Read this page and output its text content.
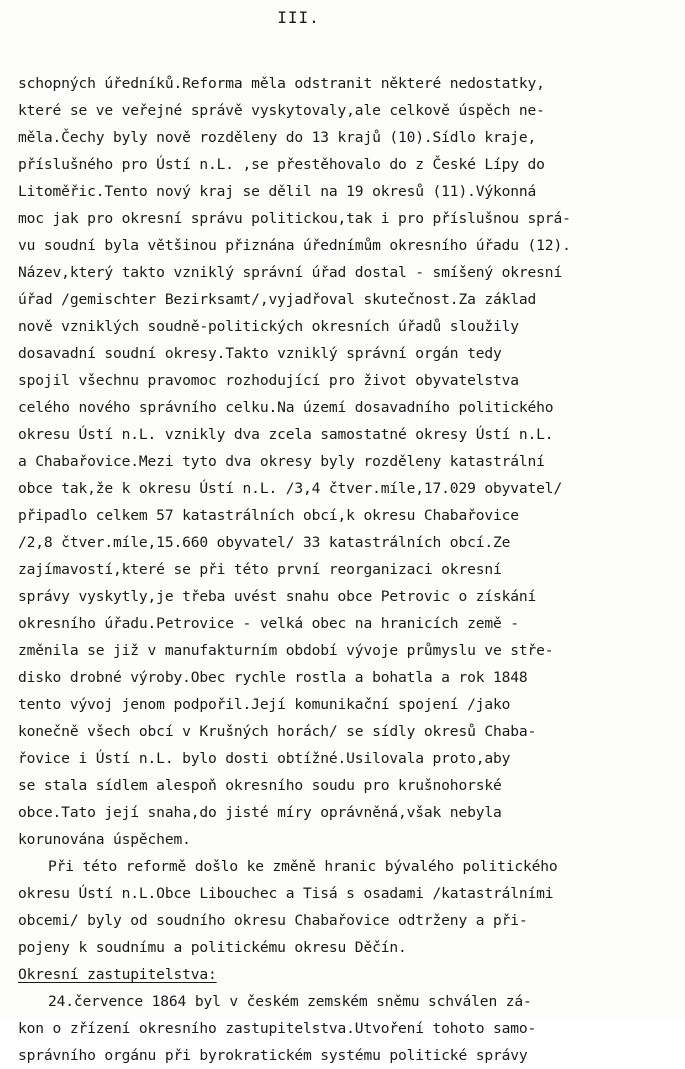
III.
schopných úředníků.Reforma měla odstranit některé nedostatky,
které se ve veřejné správě vyskytovaly,ale celkově úspěch ne-
měla.Čechy byly nově rozděleny do 13 krajů (10).Sídlo kraje,
příslušného pro Ústí n.L. ,se přestěhovalo do z České Lípy do
Litoměřic.Tento nový kraj se dělil na 19 okresů (11).Výkonná
moc jak pro okresní správu politickou,tak i pro příslušnou sprá-
vu soudní byla většinou přiznána úřednímům okresního úřadu (12).
Název,který takto vzniklý správní úřad dostal - smíšený okresní
úřad /gemischter Bezirksamt/,vyjadřoval skutečnost.Za základ
nově vzniklých soudně-politických okresních úřadů sloužily
dosavadní soudní okresy.Takto vzniklý správní orgán tedy
spojil všechnu pravomoc rozhodující pro život obyvatelstva
celého nového správního celku.Na území dosavadního politického
okresu Ústí n.L. vznikly dva zcela samostatné okresy Ústí n.L.
a Chabařovice.Mezi tyto dva okresy byly rozděleny katastrální
obce tak,že k okresu Ústí n.L. /3,4 čtver.míle,17.029 obyvatel/
připadlo celkem 57 katastrálních obcí,k okresu Chabařovice
/2,8 čtver.míle,15.660 obyvatel/ 33 katastrálních obcí.Ze
zajímavostí,které se při této první reorganizaci okresní
správy vyskytly,je třeba uvést snahu obce Petrovic o získání
okresního úřadu.Petrovice - velká obec na hranicích země -
změnila se již v manufakturním období vývoje průmyslu ve stře-
disko drobné výroby.Obec rychle rostla a bohatla a rok 1848
tento vývoj jenom podpořil.Její komunikační spojení /jako
konečně všech obcí v Krušných horách/ se sídly okresů Chaba-
řovice i Ústí n.L. bylo dosti obtížné.Usilovala proto,aby
se stala sídlem alespoň okresního soudu pro krušnohorské
obce.Tato její snaha,do jisté míry oprávněná,však nebyla
korunována úspěchem.
Při této reformě došlo ke změně hranic bývalého politického
okresu Ústí n.L.Obce Libouchec a Tisá s osadami /katastrálními
obcemi/ byly od soudního okresu Chabařovice odtrženy a při-
pojeny k soudnímu a politickému okresu Děčín.
Okresní zastupitelstva:
24.července 1864 byl v českém zemském sněmu schválen zá-
kon o zřízení okresního zastupitelstva.Utvoření tohoto samo-
správního orgánu při byrokratickém systému politické správy
